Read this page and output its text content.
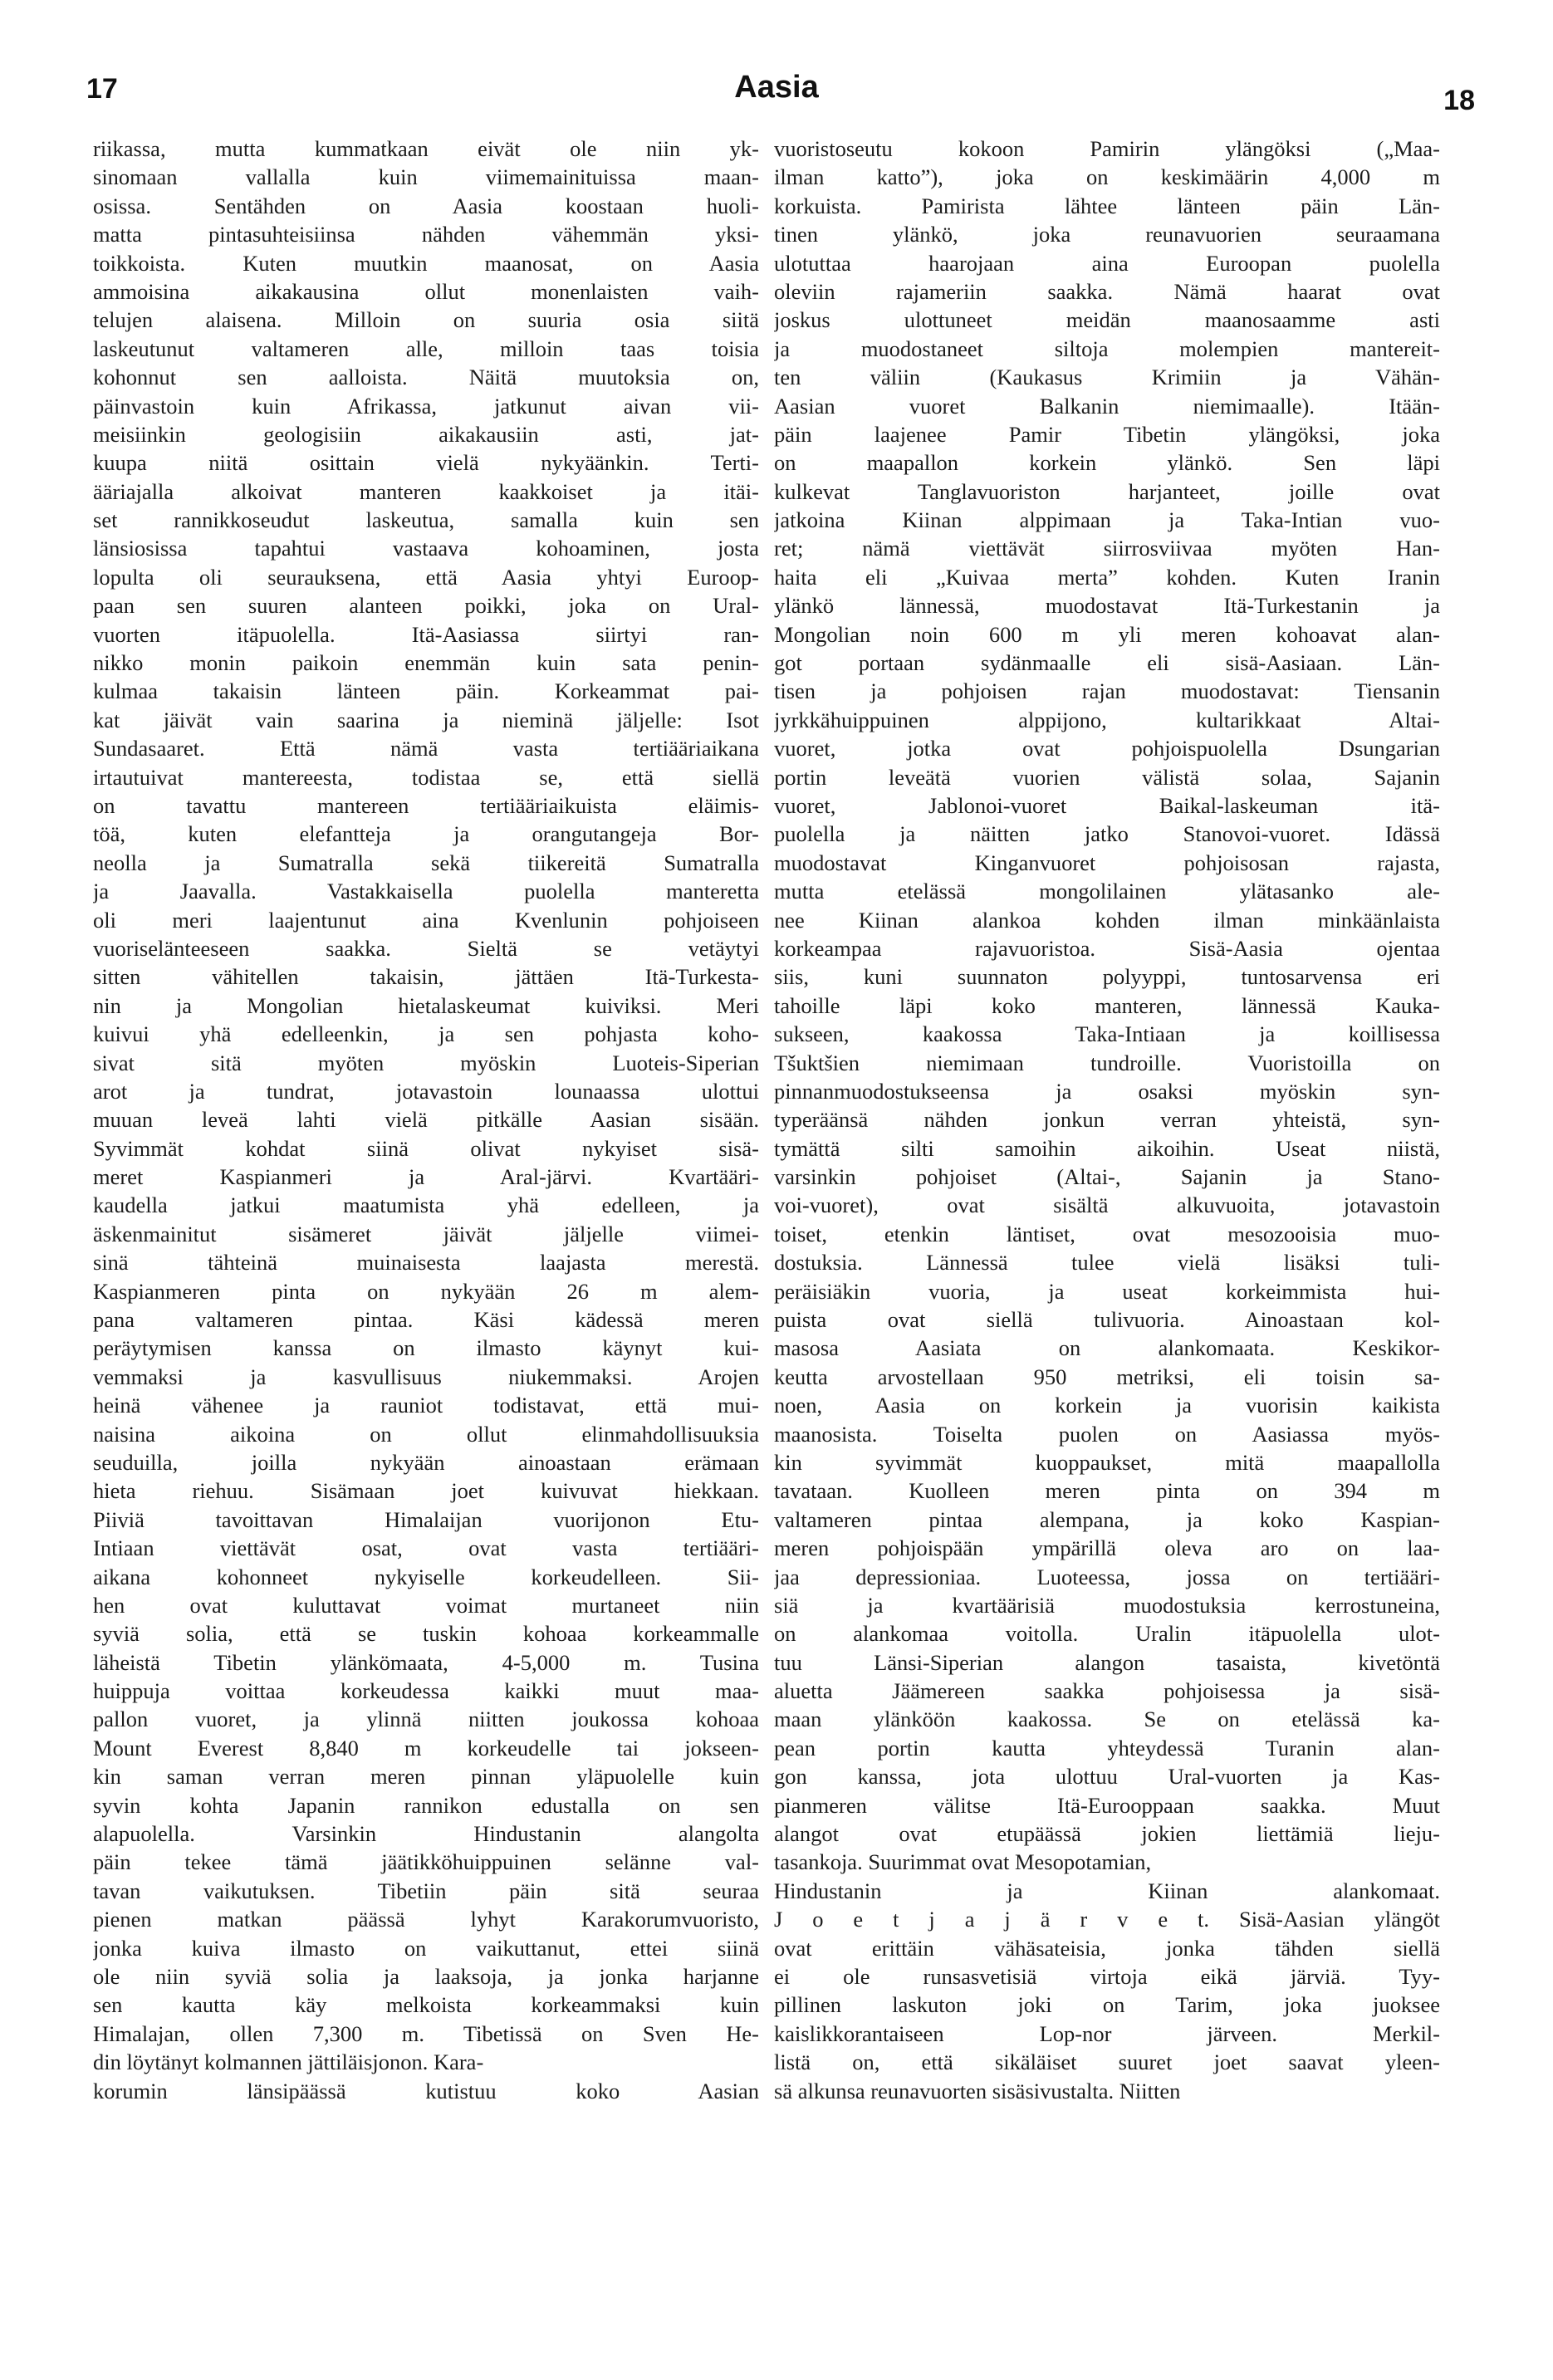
17	Aasia	18
riikassa, mutta kummatkaan eivät ole niin yk-
sinomaan vallalla kuin viimemainituissa maan-
osissa. Sentähden on Aasia koostaan huoli-
matta pintasuhteisiinsa nähden vähemmän yksi-
toikkoista. Kuten muutkin maanosat, on Aasia
ammoisina aikakausina ollut monenlaisten vaih-
telujen alaisena. Milloin on suuria osia siitä
laskeutunut valtameren alle, milloin taas toisia
kohonnut sen aalloista. Näitä muutoksia on,
päinvastoin kuin Afrikassa, jatkunut aivan vii-
meisiinkin geologisiin aikakausiin asti, jat-
kuupa niitä osittain vielä nykyäänkin. Terti-
ääriajalla alkoivat manteren kaakkoiset ja itäi-
set rannikkoseudut laskeutua, samalla kuin sen
länsiosissa tapahtui vastaava kohoaminen, josta
lopulta oli seurauksena, että Aasia yhtyi Euroop-
paan sen suuren alanteen poikki, joka on Ural-
vuorten itäpuolella. Itä-Aasiassa siirtyi ran-
nikko monin paikoin enemmän kuin sata penin-
kulmaa takaisin länteen päin. Korkeammat pai-
kat jäivät vain saarina ja nieminä jäljelle: Isot
Sundasaaret. Että nämä vasta tertiääriaikana
irtautuivat mantereesta, todistaa se, että siellä
on tavattu mantereen tertiääriaikuista eläimis-
töä, kuten elefantteja ja orangutangeja Bor-
neolla ja Sumatralla sekä tiikereitä Sumatralla
ja Jaavalla. Vastakkaisella puolella manteretta
oli meri laajentunut aina Kvenlunin pohjoiseen
vuoriselänteeseen saakka. Sieltä se vetäytyi
sitten vähitellen takaisin, jättäen Itä-Turkesta-
nin ja Mongolian hietalaskeumat kuiviksi. Meri
kuivui yhä edelleenkin, ja sen pohjasta koho-
sivat sitä myöten myöskin Luoteis-Siperian
arot ja tundrat, jotavastoin lounaassa ulottui
muuan leveä lahti vielä pitkälle Aasian sisään.
Syvimmät kohdat siinä olivat nykyiset sisä-
meret Kaspianmeri ja Aral-järvi. Kvartääri-
kaudella jatkui maatumista yhä edelleen, ja
äskenmainitut sisämeret jäivät jäljelle viimei-
sinä tähteinä muinaisesta laajasta merestä.
Kaspianmeren pinta on nykyään 26 m alem-
pana valtameren pintaa. Käsi kädessä meren
peräytymisen kanssa on ilmasto käynyt kui-
vemmaksi ja kasvullisuus niukemmaksi. Arojen
heinä vähenee ja rauniot todistavat, että mui-
naisina aikoina on ollut elinmahdollisuuksia
seuduilla, joilla nykyään ainoastaan erämaan
hieta riehuu. Sisämaan joet kuivuvat hiekkaan.
Piiviä tavoittavan Himalaijan vuorijonon Etu-
Intiaan viettävät osat, ovat vasta tertiääri-
aikana kohonneet nykyiselle korkeudelleen. Sii-
hen ovat kuluttavat voimat murtaneet niin
syviä solia, että se tuskin kohoaa korkeammalle
läheistä Tibetin ylänkömaata, 4-5,000 m. Tusina
huippuja voittaa korkeudessa kaikki muut maa-
pallon vuoret, ja ylinnä niitten joukossa kohoaa
Mount Everest 8,840 m korkeudelle tai jokseen-
kin saman verran meren pinnan yläpuolelle kuin
syvin kohta Japanin rannikon edustalla on sen
alapuolella. Varsinkin Hindustanin alangolta
päin tekee tämä jäätikköhuippuinen selänne val-
tavan vaikutuksen. Tibetiin päin sitä seuraa
pienen matkan päässä lyhyt Karakorumvuoristo,
jonka kuiva ilmasto on vaikuttanut, ettei siinä
ole niin syviä solia ja laaksoja, ja jonka harjanne
sen kautta käy melkoista korkeammaksi kuin
Himalajan, ollen 7,300 m. Tibetissä on Sven He-
din löytänyt kolmannen jättiläisjonon. Kara-
korumin länsipäässä kutistuu koko Aasian
vuoristoseutu kokoon Pamirin ylängöksi („Maa-
ilman katto”), joka on keskimäärin 4,000 m
korkuista. Pamirista lähtee länteen päin Län-
tinen ylänkö, joka reunavuorien seuraamana
ulotuttaa haarojaan aina Euroopan puolella
oleviin rajameriin saakka. Nämä haarat ovat
joskus ulottuneet meidän maanosaamme asti
ja muodostaneet siltoja molempien mantereit-
ten väliin (Kaukasus Krimiin ja Vähän-
Aasian vuoret Balkanin niemimaalle). Itään-
päin laajenee Pamir Tibetin ylängöksi, joka
on maapallon korkein ylänkö. Sen läpi
kulkevat Tanglavuoriston harjanteet, joille ovat
jatkoina Kiinan alppimaan ja Taka-Intian vuo-
ret; nämä viettävät siirrosviivaa myöten Han-
haita eli „Kuivaa merta” kohden. Kuten Iranin
ylänkö lännessä, muodostavat Itä-Turkestanin ja
Mongolian noin 600 m yli meren kohoavat alan-
got portaan sydänmaalle eli sisä-Aasiaan. Län-
tisen ja pohjoisen rajan muodostavat: Tiensanin
jyrkkähuippuinen alppijono, kultarikkaat Altai-
vuoret, jotka ovat pohjoispuolella Dsungarian
portin leveätä vuorien välistä solaa, Sajanin
vuoret, Jablonoi-vuoret Baikal-laskeuman itä-
puolella ja näitten jatko Stanovoi-vuoret. Idässä
muodostavat Kinganvuoret pohjoisosan rajasta,
mutta etelässä mongolilainen ylätasanko ale-
nee Kiinan alankoa kohden ilman minkäänlaista
korkeampaa rajavuoristoa. Sisä-Aasia ojentaa
siis, kuni suunnaton polyyppi, tuntosarvensa eri
tahoille läpi koko manteren, lännessä Kauka-
sukseen, kaakossa Taka-Intiaan ja koillisessa
Tšuktšien niemimaan tundroille. Vuoristoilla on
pinnanmuodostukseensa ja osaksi myöskin syn-
typeräänsä nähden jonkun verran yhteistä, syn-
tymättä silti samoihin aikoihin. Useat niistä,
varsinkin pohjoiset (Altai-, Sajanin ja Stano-
voi-vuoret), ovat sisältä alkuvuoita, jotavastoin
toiset, etenkin läntiset, ovat mesozooisia muo-
dostuksia. Lännessä tulee vielä lisäksi tuli-
peräisiäkin vuoria, ja useat korkeimmista hui-
puista ovat siellä tulivuoria. Ainoastaan kol-
masosa Aasiata on alankomaata. Keskikor-
keutta arvostellaan 950 metriksi, eli toisin sa-
noen, Aasia on korkein ja vuorisin kaikista
maanosista. Toiselta puolen on Aasiassa myös-
kin syvimmät kuoppaukset, mitä maapallolla
tavataan. Kuolleen meren pinta on 394 m
valtameren pintaa alempana, ja koko Kaspian-
meren pohjoispään ympärillä oleva aro on laa-
jaa depressioniaa. Luoteessa, jossa on tertiääri-
siä ja kvartäärisiä muodostuksia kerrostuneina,
on alankomaa voitolla. Uralin itäpuolella ulot-
tuu Länsi-Siperian alangon tasaista, kivetöntä
aluetta Jäämereen saakka pohjoisessa ja sisä-
maan ylänköön kaakossa. Se on etelässä ka-
pean portin kautta yhteydessä Turanin alan-
gon kanssa, jota ulottuu Ural-vuorten ja Kas-
pianmeren välitse Itä-Eurooppaan saakka. Muut
alangot ovat etupäässä jokien liettämiä lieju-
tasankoja. Suurimmat ovat Mesopotamian,
Hindustanin ja Kiinan alankomaat.
J o e t j a j ä r v e t. Sisä-Aasian ylängöt
ovat erittäin vähäsateisia, jonka tähden siellä
ei ole runsasvetisiä virtoja eikä järviä. Tyy-
pillinen laskuton joki on Tarim, joka juoksee
kaislikkorantaiseen Lop-nor järveen. Merkil-
listä on, että sikäläiset suuret joet saavat yleen-
sä alkunsa reunavuorten sisäsivustalta. Niitten
